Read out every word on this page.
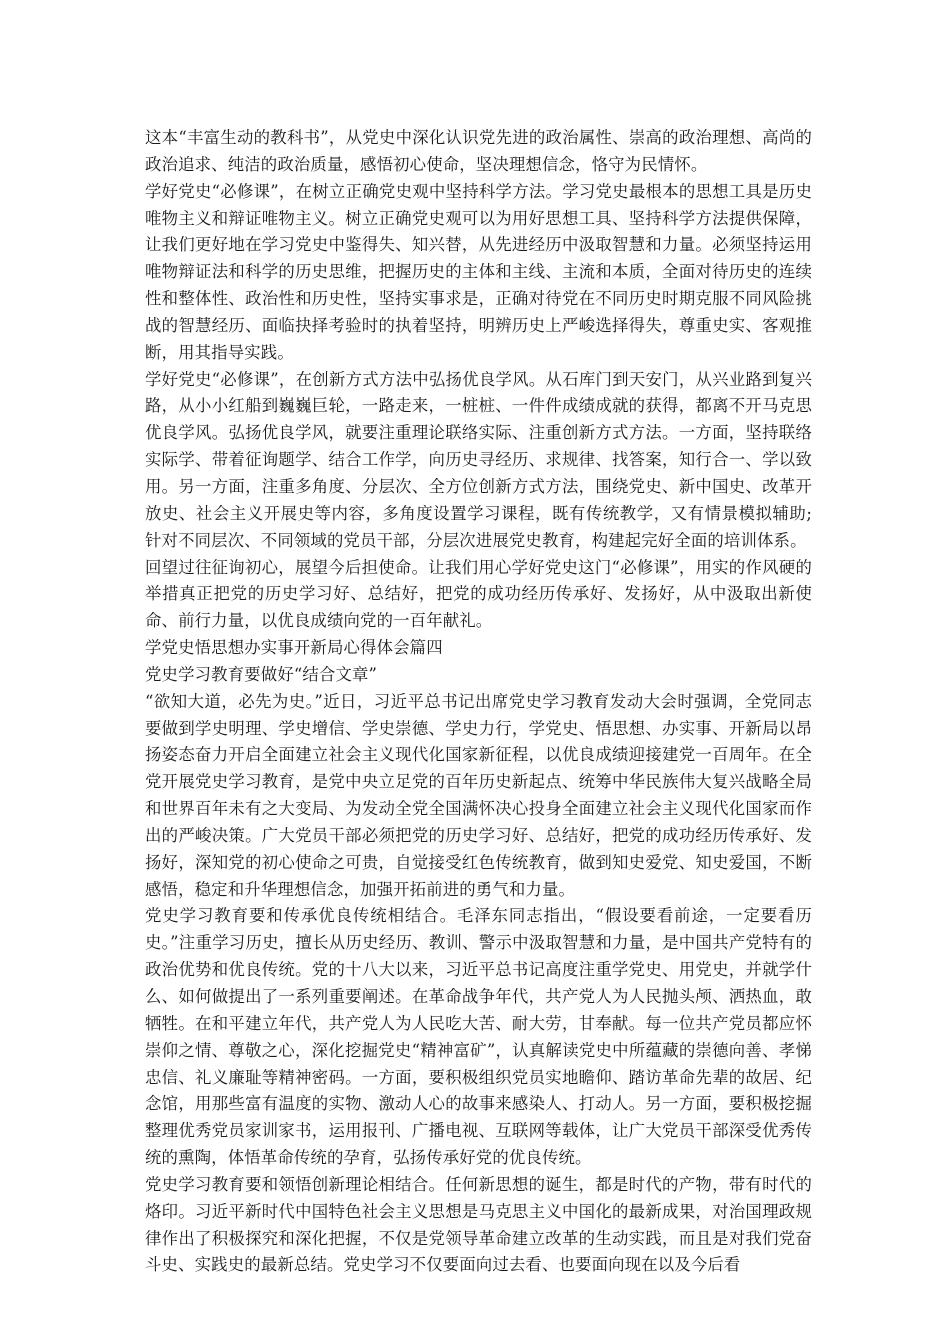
这本“丰富生动的教科书”，从党史中深化认识党先进的政治属性、崇高的政治理想、高尚的政治追求、纯洁的政治质量，感悟初心使命，坚决理想信念，恪守为民情怀。

学好党史“必修课”，在树立正确党史观中坚持科学方法。学习党史最根本的思想工具是历史唯物主义和辩证唯物主义。树立正确党史观可以为用好思想工具、坚持科学方法提供保障，让我们更好地在学习党史中鉴得失、知兴替，从先进经历中汲取智慧和力量。必须坚持运用唯物辩证法和科学的历史思维，把握历史的主体和主线、主流和本质，全面对待历史的连续性和整体性、政治性和历史性，坚持实事求是，正确对待党在不同历史时期克服不同风险挑战的智慧经历、面临抉择考验时的执着坚持，明辨历史上严峻选择得失，尊重史实、客观推断，用其指导实践。

学好党史“必修课”，在创新方式方法中弘扬优良学风。从石库门到天安门，从兴业路到复兴路，从小小红船到巍巍巨轮，一路走来，一桩桩、一件件成绩成就的获得，都离不开马克思优良学风。弘扬优良学风，就要注重理论联络实际、注重创新方式方法。一方面，坚持联络实际学、带着征询题学、结合工作学，向历史寻经历、求规律、找答案，知行合一、学以致用。另一方面，注重多角度、分层次、全方位创新方式方法，围绕党史、新中国史、改革开放史、社会主义开展史等内容，多角度设置学习课程，既有传统教学，又有情景模拟辅助;针对不同层次、不同领域的党员干部，分层次进展党史教育，构建起完好全面的培训体系。

回望过往征询初心，展望今后担使命。让我们用心学好党史这门“必修课”，用实的作风硬的举措真正把党的历史学习好、总结好，把党的成功经历传承好、发扬好，从中汲取出新使命、前行力量，以优良成绩向党的一百年献礼。

学党史悟思想办实事开新局心得体会篇四

党史学习教育要做好“结合文章”

“欲知大道，必先为史。”近日，习近平总书记出席党史学习教育发动大会时强调，全党同志要做到学史明理、学史增信、学史崇德、学史力行，学党史、悟思想、办实事、开新局以昂扬姿态奋力开启全面建立社会主义现代化国家新征程，以优良成绩迎接建党一百周年。在全党开展党史学习教育，是党中央立足党的百年历史新起点、统筹中华民族伟大复兴战略全局和世界百年未有之大变局、为发动全党全国满怀决心投身全面建立社会主义现代化国家而作出的严峻决策。广大党员干部必须把党的历史学习好、总结好，把党的成功经历传承好、发扬好，深知党的初心使命之可贵，自觉接受红色传统教育，做到知史爱党、知史爱国，不断感悟，稳定和升华理想信念，加强开拓前进的勇气和力量。

党史学习教育要和传承优良传统相结合。毛泽东同志指出，“假设要看前途，一定要看历史。”注重学习历史，擅长从历史经历、教训、警示中汲取智慧和力量，是中国共产党特有的政治优势和优良传统。党的十八大以来，习近平总书记高度注重学党史、用党史，并就学什么、如何做提出了一系列重要阐述。在革命战争年代，共产党人为人民抛头颅、洒热血，敢牺牲。在和平建立年代，共产党人为人民吃大苦、耐大劳，甘奉献。每一位共产党员都应怀崇仰之情、尊敬之心，深化挖掘党史“精神富矿”，认真解读党史中所蕴藏的崇德向善、孝悌忠信、礼义廉耻等精神密码。一方面，要积极组织党员实地瞻仰、踏访革命先辈的故居、纪念馆，用那些富有温度的实物、激动人心的故事来感染人、打动人。另一方面，要积极挖掘整理优秀党员家训家书，运用报刊、广播电视、互联网等载体，让广大党员干部深受优秀传统的熏陶，体悟革命传统的孕育，弘扬传承好党的优良传统。

党史学习教育要和领悟创新理论相结合。任何新思想的诞生，都是时代的产物，带有时代的烙印。习近平新时代中国特色社会主义思想是马克思主义中国化的最新成果，对治国理政规律作出了积极探究和深化把握，不仅是党领导革命建立改革的生动实践，而且是对我们党奋斗史、实践史的最新总结。党史学习不仅要面向过去看、也要面向现在以及今后看
